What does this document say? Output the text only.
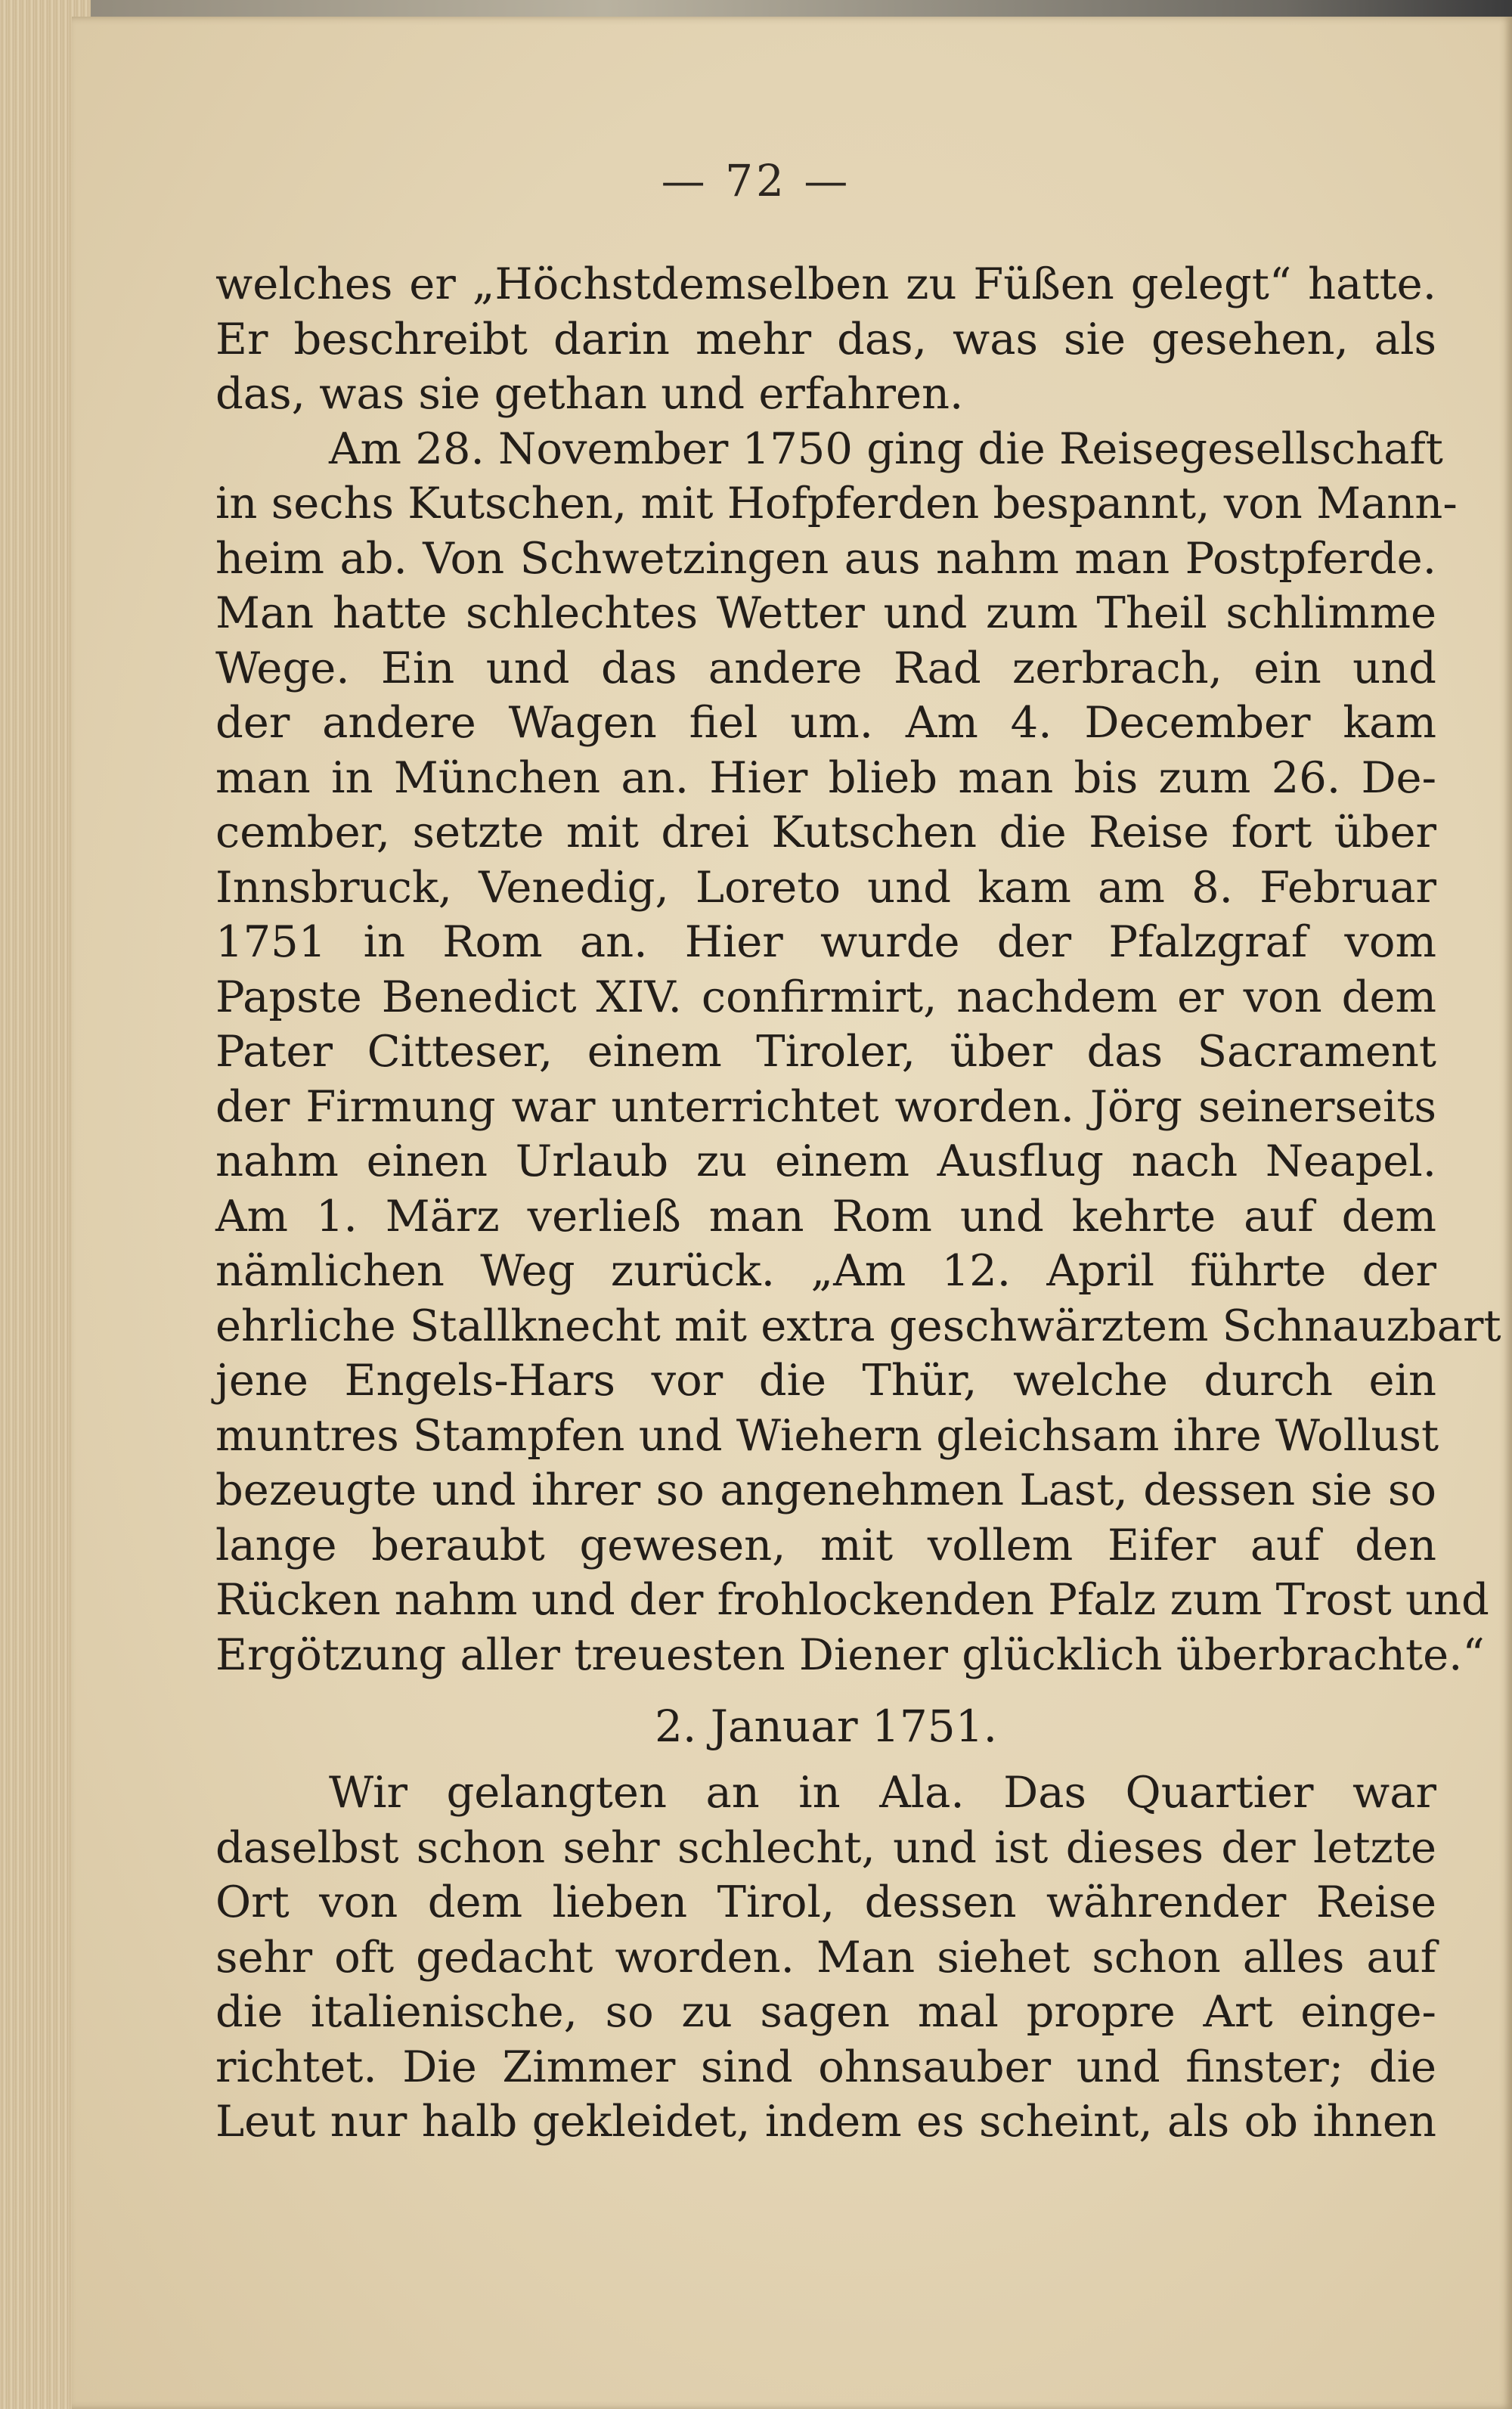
— 72 —
welches er „Höchstdemselben zu Füßen gelegt“ hatte.
Er beschreibt darin mehr das, was sie gesehen, als
das, was sie gethan und erfahren.
Am 28. November 1750 ging die Reisegesellschaft
in sechs Kutschen, mit Hofpferden bespannt, von Mann-
heim ab. Von Schwetzingen aus nahm man Postpferde.
Man hatte schlechtes Wetter und zum Theil schlimme
Wege. Ein und das andere Rad zerbrach, ein und
der andere Wagen fiel um. Am 4. December kam
man in München an. Hier blieb man bis zum 26. De-
cember, setzte mit drei Kutschen die Reise fort über
Innsbruck, Venedig, Loreto und kam am 8. Februar
1751 in Rom an. Hier wurde der Pfalzgraf vom
Papste Benedict XIV. confirmirt, nachdem er von dem
Pater Citteser, einem Tiroler, über das Sacrament
der Firmung war unterrichtet worden. Jörg seinerseits
nahm einen Urlaub zu einem Ausflug nach Neapel.
Am 1. März verließ man Rom und kehrte auf dem
nämlichen Weg zurück. „Am 12. April führte der
ehrliche Stallknecht mit extra geschwärztem Schnauzbart
jene Engels-Hars vor die Thür, welche durch ein
muntres Stampfen und Wiehern gleichsam ihre Wollust
bezeugte und ihrer so angenehmen Last, dessen sie so
lange beraubt gewesen, mit vollem Eifer auf den
Rücken nahm und der frohlockenden Pfalz zum Trost und
Ergötzung aller treuesten Diener glücklich überbrachte.“
2. Januar 1751.
Wir gelangten an in Ala. Das Quartier war
daselbst schon sehr schlecht, und ist dieses der letzte
Ort von dem lieben Tirol, dessen währender Reise
sehr oft gedacht worden. Man siehet schon alles auf
die italienische, so zu sagen mal propre Art einge-
richtet. Die Zimmer sind ohnsauber und finster; die
Leut nur halb gekleidet, indem es scheint, als ob ihnen
